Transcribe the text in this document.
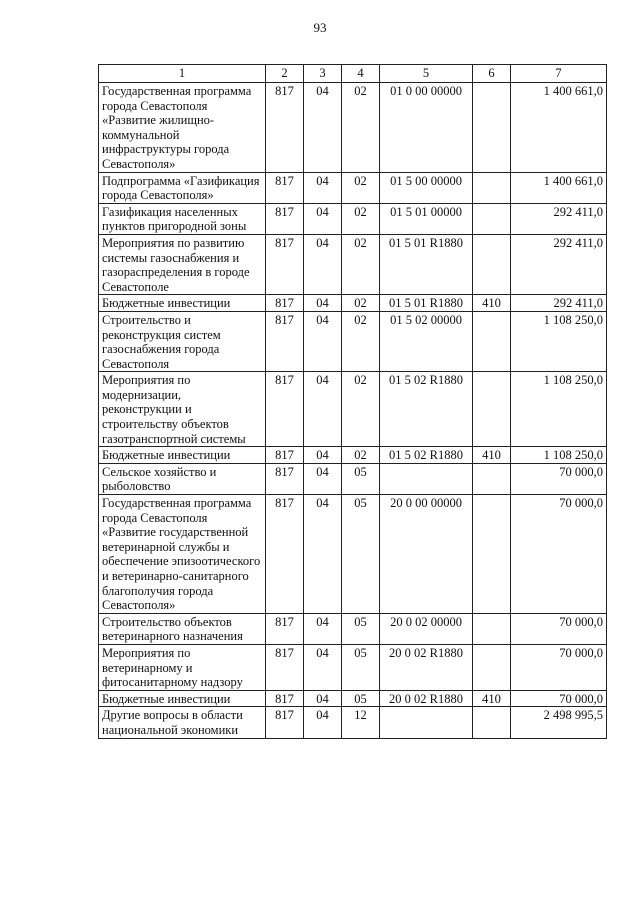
93
1	2	3	4	5	6	7
Государственная программа города Севастополя «Развитие жилищно-коммунальной инфраструктуры города Севастополя»	817	04	02	01 0 00 00000		1 400 661,0
Подпрограмма «Газификация города Севастополя»	817	04	02	01 5 00 00000		1 400 661,0
Газификация населенных пунктов пригородной зоны	817	04	02	01 5 01 00000		292 411,0
Мероприятия по развитию системы газоснабжения и газораспределения в городе Севастополе	817	04	02	01 5 01 R1880		292 411,0
Бюджетные инвестиции	817	04	02	01 5 01 R1880	410	292 411,0
Строительство и реконструкция систем газоснабжения города Севастополя	817	04	02	01 5 02 00000		1 108 250,0
Мероприятия по модернизации, реконструкции и строительству объектов газотранспортной системы	817	04	02	01 5 02 R1880		1 108 250,0
Бюджетные инвестиции	817	04	02	01 5 02 R1880	410	1 108 250,0
Сельское хозяйство и рыболовство	817	04	05			70 000,0
Государственная программа города Севастополя «Развитие государственной ветеринарной службы и обеспечение эпизоотического и ветеринарно-санитарного благополучия города Севастополя»	817	04	05	20 0 00 00000		70 000,0
Строительство объектов ветеринарного назначения	817	04	05	20 0 02 00000		70 000,0
Мероприятия по ветеринарному и фитосанитарному надзору	817	04	05	20 0 02 R1880		70 000,0
Бюджетные инвестиции	817	04	05	20 0 02 R1880	410	70 000,0
Другие вопросы в области национальной экономики	817	04	12			2 498 995,5
